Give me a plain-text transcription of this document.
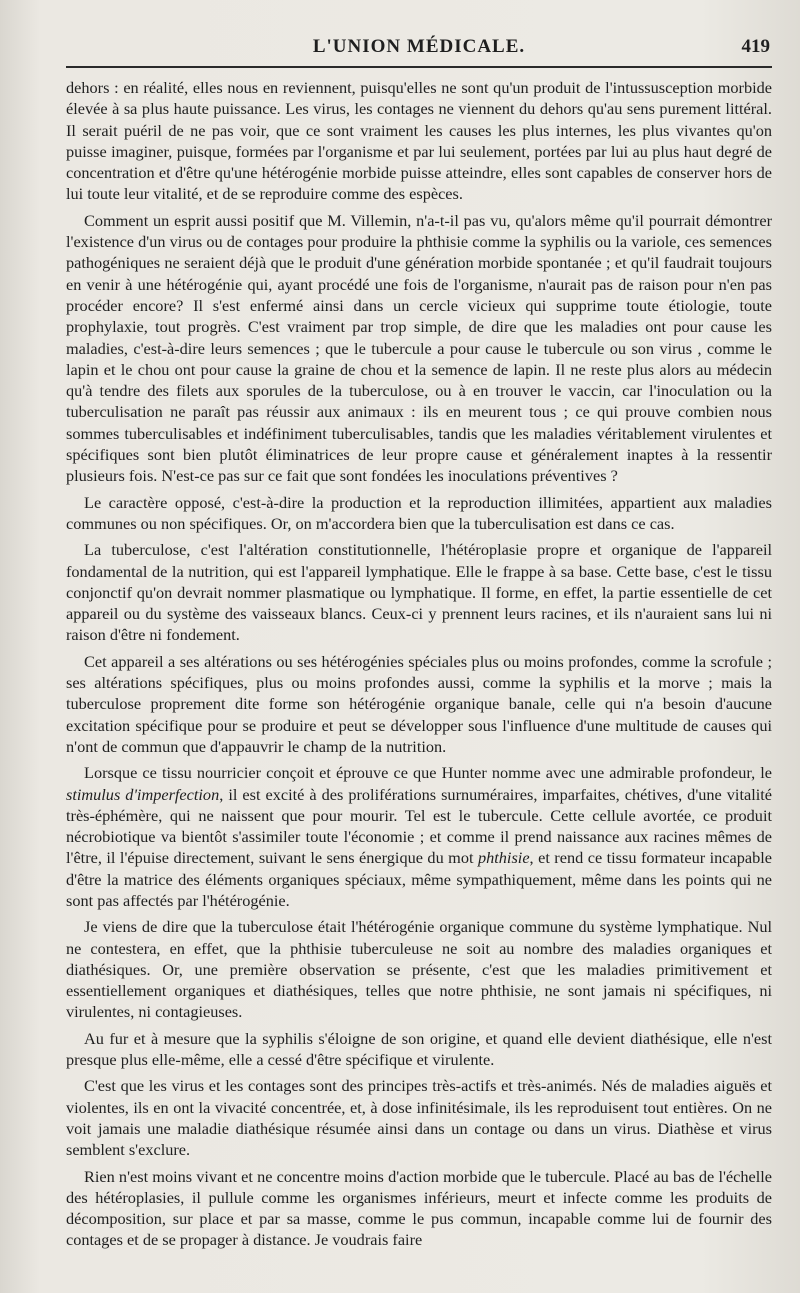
L'UNION MÉDICALE.	419

dehors : en réalité, elles nous en reviennent, puisqu'elles ne sont qu'un produit de l'intussusception morbide élevée à sa plus haute puissance. Les virus, les contages ne viennent du dehors qu'au sens purement littéral. Il serait puéril de ne pas voir, que ce sont vraiment les causes les plus internes, les plus vivantes qu'on puisse imaginer, puisque, formées par l'organisme et par lui seulement, portées par lui au plus haut degré de concentration et d'être qu'une hétérogénie morbide puisse atteindre, elles sont capables de conserver hors de lui toute leur vitalité, et de se reproduire comme des espèces.

Comment un esprit aussi positif que M. Villemin, n'a-t-il pas vu, qu'alors même qu'il pourrait démontrer l'existence d'un virus ou de contages pour produire la phthisie comme la syphilis ou la variole, ces semences pathogéniques ne seraient déjà que le produit d'une génération morbide spontanée ; et qu'il faudrait toujours en venir à une hétérogénie qui, ayant procédé une fois de l'organisme, n'aurait pas de raison pour n'en pas procéder encore? Il s'est enfermé ainsi dans un cercle vicieux qui supprime toute étiologie, toute prophylaxie, tout progrès. C'est vraiment par trop simple, de dire que les maladies ont pour cause les maladies, c'est-à-dire leurs semences ; que le tubercule a pour cause le tubercule ou son virus , comme le lapin et le chou ont pour cause la graine de chou et la semence de lapin. Il ne reste plus alors au médecin qu'à tendre des filets aux sporules de la tuberculose, ou à en trouver le vaccin, car l'inoculation ou la tuberculisation ne paraît pas réussir aux animaux : ils en meurent tous ; ce qui prouve combien nous sommes tuberculisables et indéfiniment tuberculisables, tandis que les maladies véritablement virulentes et spécifiques sont bien plutôt éliminatrices de leur propre cause et généralement inaptes à la ressentir plusieurs fois. N'est-ce pas sur ce fait que sont fondées les inoculations préventives ?

Le caractère opposé, c'est-à-dire la production et la reproduction illimitées, appartient aux maladies communes ou non spécifiques. Or, on m'accordera bien que la tuberculisation est dans ce cas.

La tuberculose, c'est l'altération constitutionnelle, l'hétéroplasie propre et organique de l'appareil fondamental de la nutrition, qui est l'appareil lymphatique. Elle le frappe à sa base. Cette base, c'est le tissu conjonctif qu'on devrait nommer plasmatique ou lymphatique. Il forme, en effet, la partie essentielle de cet appareil ou du système des vaisseaux blancs. Ceux-ci y prennent leurs racines, et ils n'auraient sans lui ni raison d'être ni fondement.

Cet appareil a ses altérations ou ses hétérogénies spéciales plus ou moins profondes, comme la scrofule ; ses altérations spécifiques, plus ou moins profondes aussi, comme la syphilis et la morve ; mais la tuberculose proprement dite forme son hétérogénie organique banale, celle qui n'a besoin d'aucune excitation spécifique pour se produire et peut se développer sous l'influence d'une multitude de causes qui n'ont de commun que d'appauvrir le champ de la nutrition.

Lorsque ce tissu nourricier conçoit et éprouve ce que Hunter nomme avec une admirable profondeur, le stimulus d'imperfection, il est excité à des proliférations surnuméraires, imparfaites, chétives, d'une vitalité très-éphémère, qui ne naissent que pour mourir. Tel est le tubercule. Cette cellule avortée, ce produit nécrobiotique va bientôt s'assimiler toute l'économie ; et comme il prend naissance aux racines mêmes de l'être, il l'épuise directement, suivant le sens énergique du mot phthisie, et rend ce tissu formateur incapable d'être la matrice des éléments organiques spéciaux, même sympathiquement, même dans les points qui ne sont pas affectés par l'hétérogénie.

Je viens de dire que la tuberculose était l'hétérogénie organique commune du système lymphatique. Nul ne contestera, en effet, que la phthisie tuberculeuse ne soit au nombre des maladies organiques et diathésiques. Or, une première observation se présente, c'est que les maladies primitivement et essentiellement organiques et diathésiques, telles que notre phthisie, ne sont jamais ni spécifiques, ni virulentes, ni contagieuses.

Au fur et à mesure que la syphilis s'éloigne de son origine, et quand elle devient diathésique, elle n'est presque plus elle-même, elle a cessé d'être spécifique et virulente.

C'est que les virus et les contages sont des principes très-actifs et très-animés. Nés de maladies aiguës et violentes, ils en ont la vivacité concentrée, et, à dose infinitésimale, ils les reproduisent tout entières. On ne voit jamais une maladie diathésique résumée ainsi dans un contage ou dans un virus. Diathèse et virus semblent s'exclure.

Rien n'est moins vivant et ne concentre moins d'action morbide que le tubercule. Placé au bas de l'échelle des hétéroplasies, il pullule comme les organismes inférieurs, meurt et infecte comme les produits de décomposition, sur place et par sa masse, comme le pus commun, incapable comme lui de fournir des contages et de se propager à distance. Je voudrais faire
